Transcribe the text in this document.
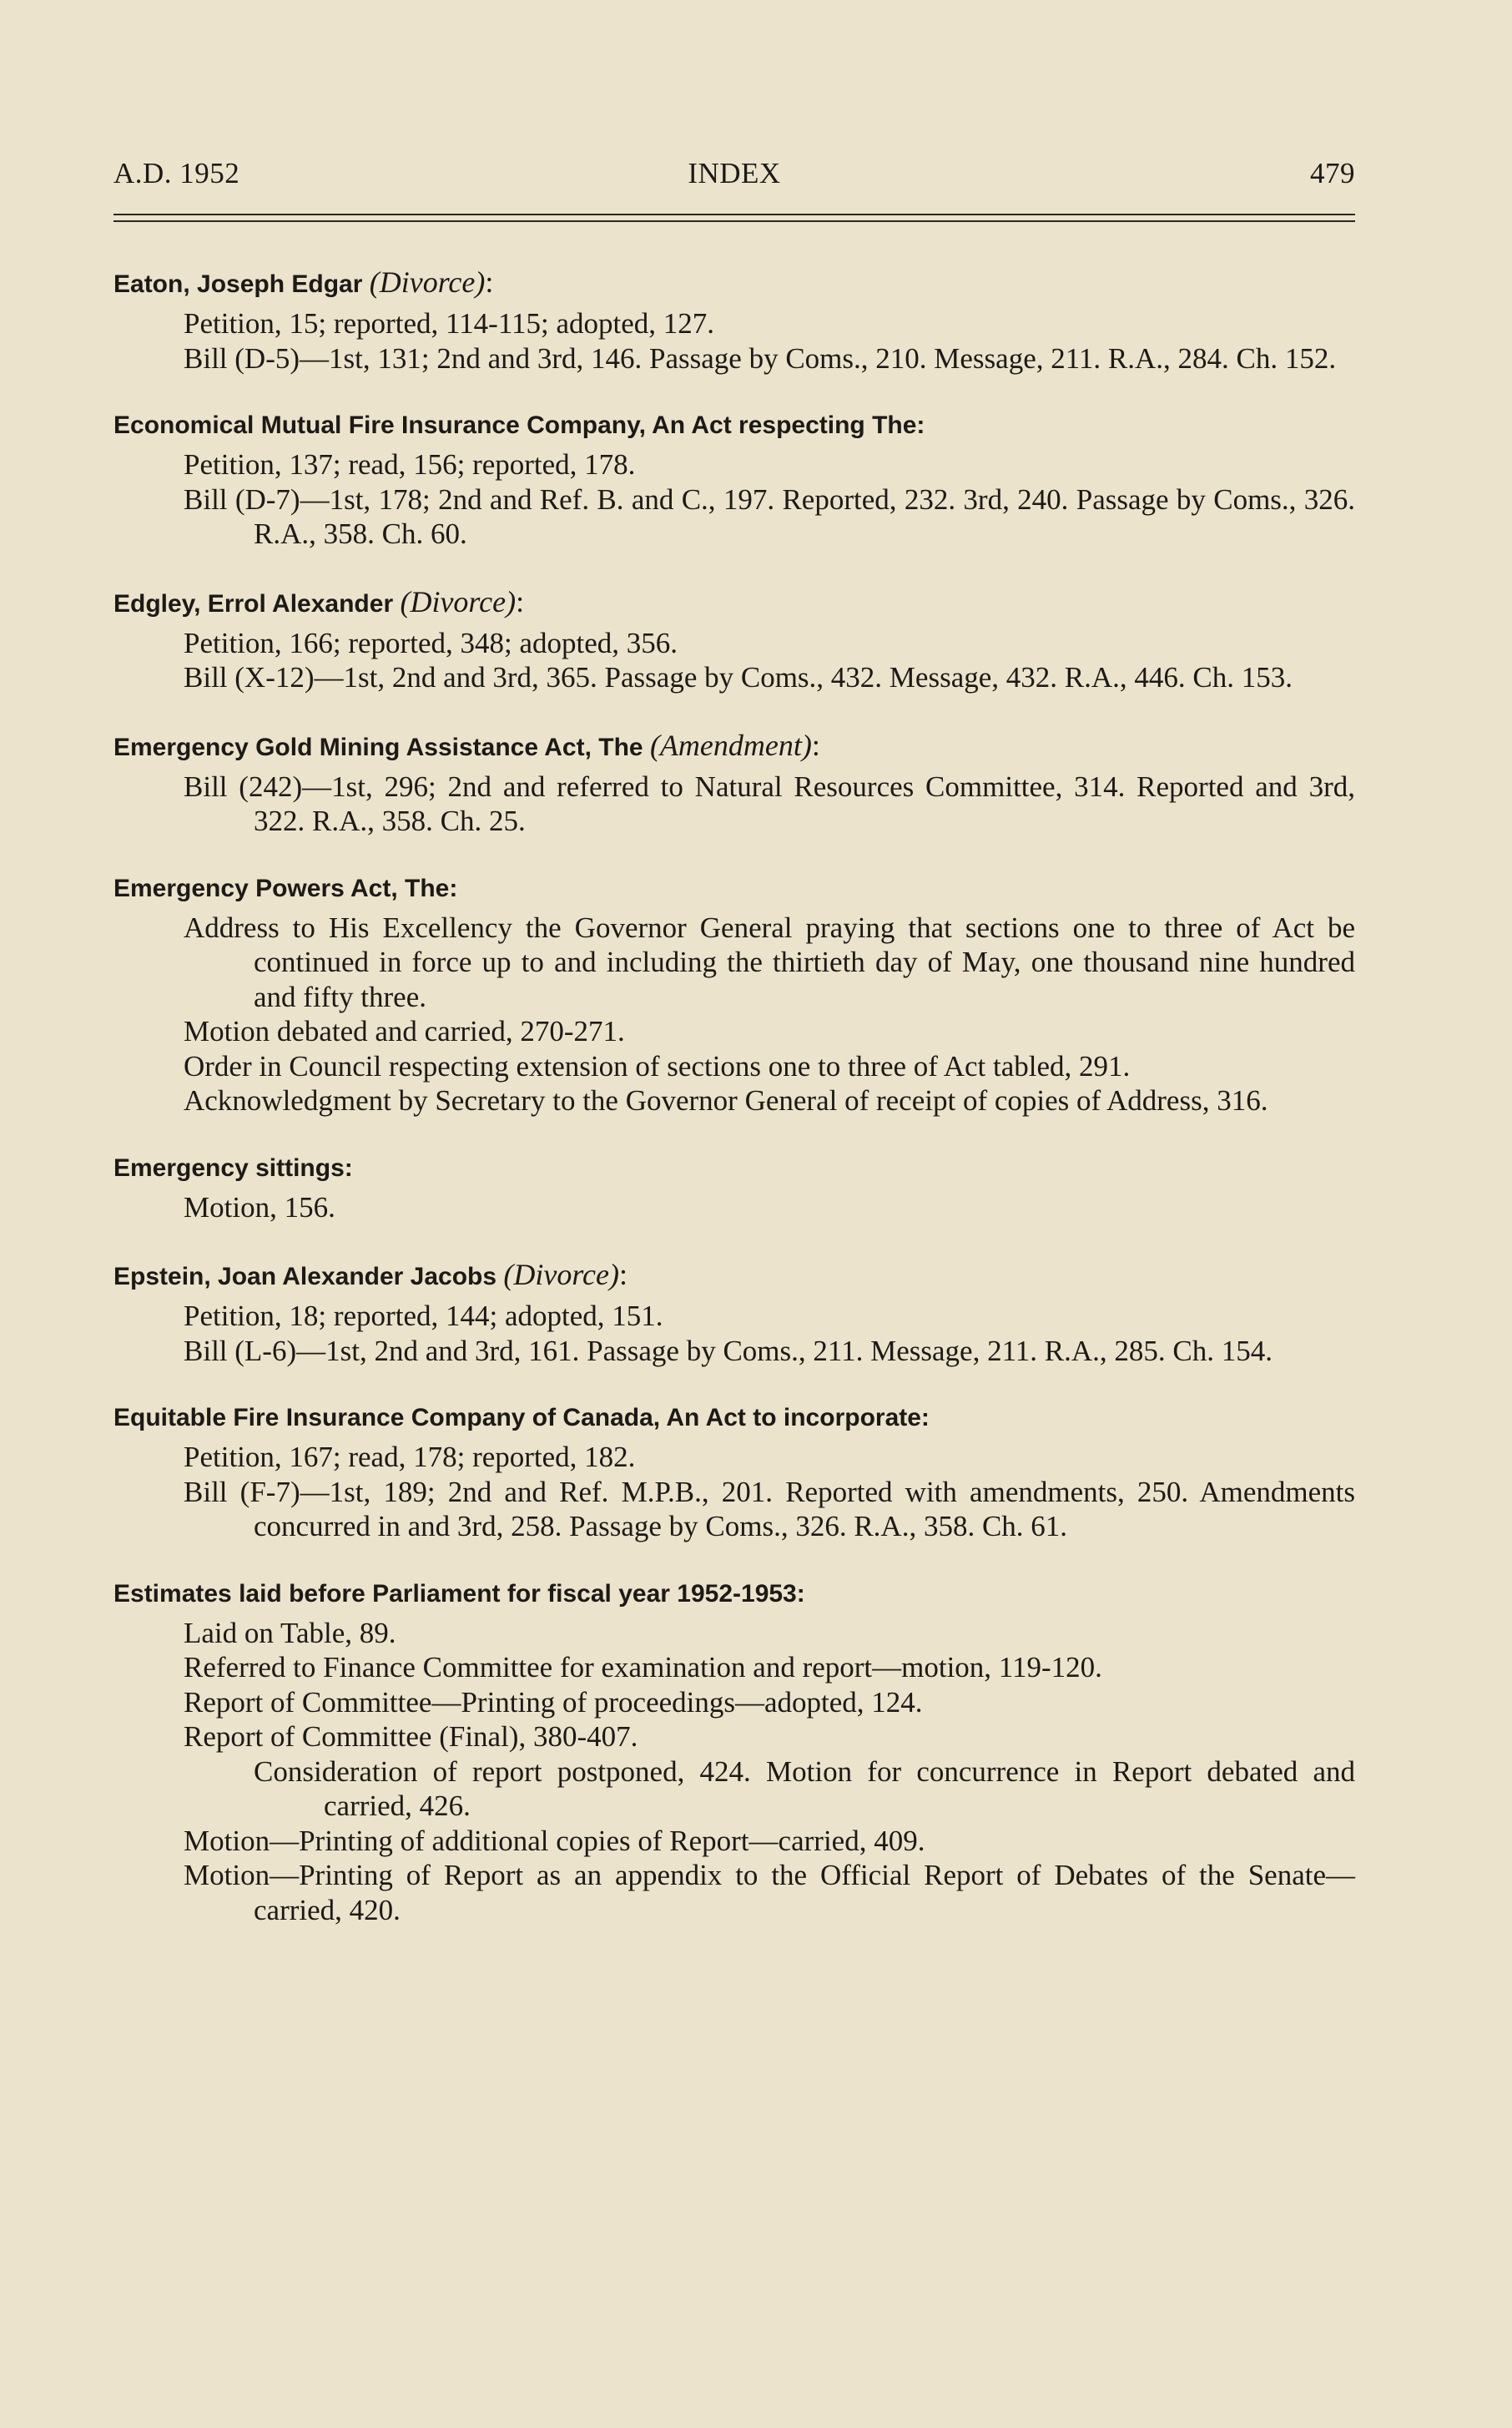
A.D. 1952	INDEX	479

Eaton, Joseph Edgar (Divorce):

Petition, 15; reported, 114-115; adopted, 127.
Bill (D-5)—1st, 131; 2nd and 3rd, 146. Passage by Coms., 210. Message, 211. R.A., 284. Ch. 152.

Economical Mutual Fire Insurance Company, An Act respecting The:

Petition, 137; read, 156; reported, 178.
Bill (D-7)—1st, 178; 2nd and Ref. B. and C., 197. Reported, 232. 3rd, 240. Passage by Coms., 326. R.A., 358. Ch. 60.

Edgley, Errol Alexander (Divorce):

Petition, 166; reported, 348; adopted, 356.
Bill (X-12)—1st, 2nd and 3rd, 365. Passage by Coms., 432. Message, 432. R.A., 446. Ch. 153.

Emergency Gold Mining Assistance Act, The (Amendment):

Bill (242)—1st, 296; 2nd and referred to Natural Resources Committee, 314. Reported and 3rd, 322. R.A., 358. Ch. 25.

Emergency Powers Act, The:

Address to His Excellency the Governor General praying that sections one to three of Act be continued in force up to and including the thirtieth day of May, one thousand nine hundred and fifty three.
Motion debated and carried, 270-271.
Order in Council respecting extension of sections one to three of Act tabled, 291.
Acknowledgment by Secretary to the Governor General of receipt of copies of Address, 316.

Emergency sittings:

Motion, 156.

Epstein, Joan Alexander Jacobs (Divorce):

Petition, 18; reported, 144; adopted, 151.
Bill (L-6)—1st, 2nd and 3rd, 161. Passage by Coms., 211. Message, 211. R.A., 285. Ch. 154.

Equitable Fire Insurance Company of Canada, An Act to incorporate:

Petition, 167; read, 178; reported, 182.
Bill (F-7)—1st, 189; 2nd and Ref. M.P.B., 201. Reported with amendments, 250. Amendments concurred in and 3rd, 258. Passage by Coms., 326. R.A., 358. Ch. 61.

Estimates laid before Parliament for fiscal year 1952-1953:

Laid on Table, 89.
Referred to Finance Committee for examination and report—motion, 119-120.
Report of Committee—Printing of proceedings—adopted, 124.
Report of Committee (Final), 380-407.
Consideration of report postponed, 424. Motion for concurrence in Report debated and carried, 426.
Motion—Printing of additional copies of Report—carried, 409.
Motion—Printing of Report as an appendix to the Official Report of Debates of the Senate—carried, 420.
